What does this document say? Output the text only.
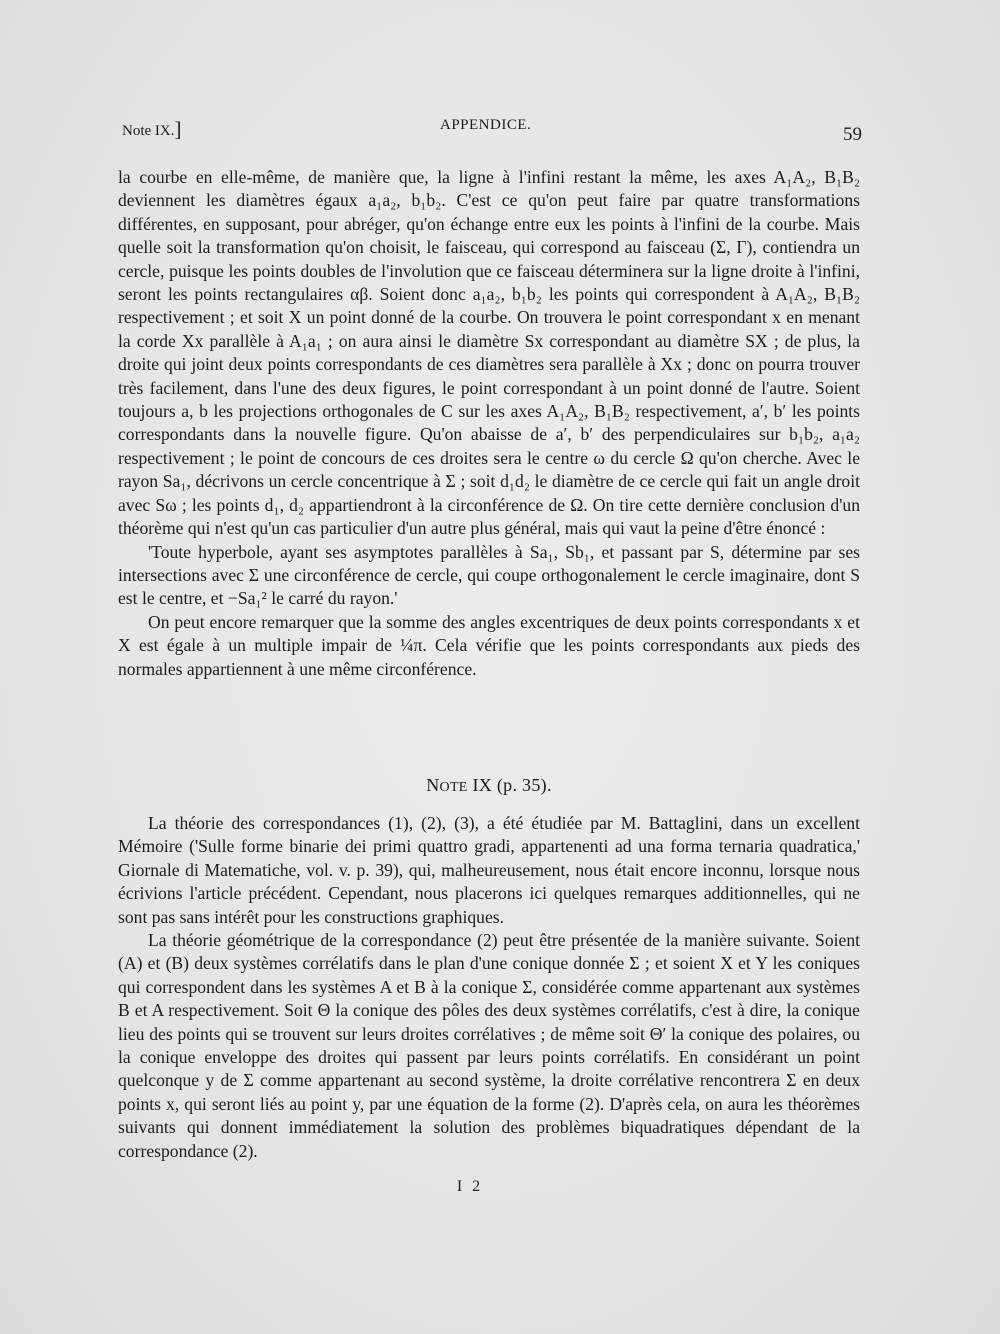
Note IX.]	APPENDICE.	59

la courbe en elle-même, de manière que, la ligne à l'infini restant la même, les axes A₁A₂, B₁B₂ deviennent les diamètres égaux a₁a₂, b₁b₂. C'est ce qu'on peut faire par quatre transformations différentes, en supposant, pour abréger, qu'on échange entre eux les points à l'infini de la courbe. Mais quelle soit la transformation qu'on choisit, le faisceau, qui correspond au faisceau (Σ, Γ), contiendra un cercle, puisque les points doubles de l'involution que ce faisceau déterminera sur la ligne droite à l'infini, seront les points rectangulaires αβ. Soient donc a₁a₂, b₁b₂ les points qui correspondent à A₁A₂, B₁B₂ respectivement ; et soit X un point donné de la courbe. On trouvera le point correspondant x en menant la corde Xx parallèle à A₁a₁ ; on aura ainsi le diamètre Sx correspondant au diamètre SX ; de plus, la droite qui joint deux points correspondants de ces diamètres sera parallèle à Xx ; donc on pourra trouver très facilement, dans l'une des deux figures, le point correspondant à un point donné de l'autre. Soient toujours a, b les projections orthogonales de C sur les axes A₁A₂, B₁B₂ respectivement, a′, b′ les points correspondants dans la nouvelle figure. Qu'on abaisse de a′, b′ des perpendiculaires sur b₁b₂, a₁a₂ respectivement ; le point de concours de ces droites sera le centre ω du cercle Ω qu'on cherche. Avec le rayon Sa₁, décrivons un cercle concentrique à Σ ; soit d₁d₂ le diamètre de ce cercle qui fait un angle droit avec Sω ; les points d₁, d₂ appartiendront à la circonférence de Ω. On tire cette dernière conclusion d'un théorème qui n'est qu'un cas particulier d'un autre plus général, mais qui vaut la peine d'être énoncé :

'Toute hyperbole, ayant ses asymptotes parallèles à Sa₁, Sb₁, et passant par S, détermine par ses intersections avec Σ une circonférence de cercle, qui coupe orthogonalement le cercle imaginaire, dont S est le centre, et −Sa₁² le carré du rayon.'

On peut encore remarquer que la somme des angles excentriques de deux points correspondants x et X est égale à un multiple impair de ¼π. Cela vérifie que les points correspondants aux pieds des normales appartiennent à une même circonférence.

NOTE IX (p. 35).

La théorie des correspondances (1), (2), (3), a été étudiée par M. Battaglini, dans un excellent Mémoire ('Sulle forme binarie dei primi quattro gradi, appartenenti ad una forma ternaria quadratica,' Giornale di Matematiche, vol. v. p. 39), qui, malheureusement, nous était encore inconnu, lorsque nous écrivions l'article précédent. Cependant, nous placerons ici quelques remarques additionnelles, qui ne sont pas sans intérêt pour les constructions graphiques.

La théorie géométrique de la correspondance (2) peut être présentée de la manière suivante. Soient (A) et (B) deux systèmes corrélatifs dans le plan d'une conique donnée Σ ; et soient X et Y les coniques qui correspondent dans les systèmes A et B à la conique Σ, considérée comme appartenant aux systèmes B et A respectivement. Soit Θ la conique des pôles des deux systèmes corrélatifs, c'est à dire, la conique lieu des points qui se trouvent sur leurs droites corrélatives ; de même soit Θ′ la conique des polaires, ou la conique enveloppe des droites qui passent par leurs points corrélatifs. En considérant un point quelconque y de Σ comme appartenant au second système, la droite corrélative rencontrera Σ en deux points x, qui seront liés au point y, par une équation de la forme (2). D'après cela, on aura les théorèmes suivants qui donnent immédiatement la solution des problèmes biquadratiques dépendant de la correspondance (2).

I 2
